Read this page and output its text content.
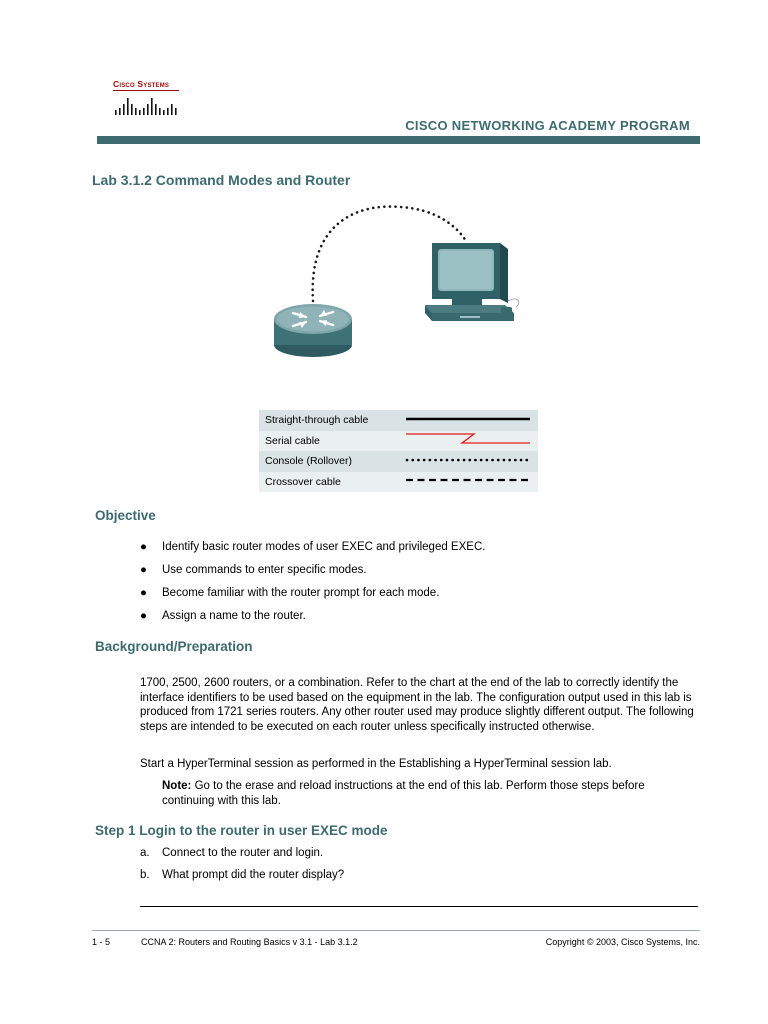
Cisco Systems
CISCO NETWORKING ACADEMY PROGRAM
Lab 3.1.2 Command Modes and Router
Straight-through cable	
Serial cable	
Console (Rollover)	
Crossover cable	
Objective
● Identify basic router modes of user EXEC and privileged EXEC.
● Use commands to enter specific modes.
● Become familiar with the router prompt for each mode.
● Assign a name to the router.
Background/Preparation

1700, 2500, 2600 routers, or a combination. Refer to the chart at the end of the lab to correctly identify the interface identifiers to be used based on the equipment in the lab. The configuration output used in this lab is produced from 1721 series routers. Any other router used may produce slightly different output. The following steps are intended to be executed on each router unless specifically instructed otherwise.

Start a HyperTerminal session as performed in the Establishing a HyperTerminal session lab.

Note: Go to the erase and reload instructions at the end of this lab. Perform those steps before continuing with this lab.

Step 1 Login to the router in user EXEC mode
a. Connect to the router and login.
b. What prompt did the router display?
1 - 5	CCNA 2: Routers and Routing Basics v 3.1 - Lab 3.1.2	Copyright © 2003, Cisco Systems, Inc.
